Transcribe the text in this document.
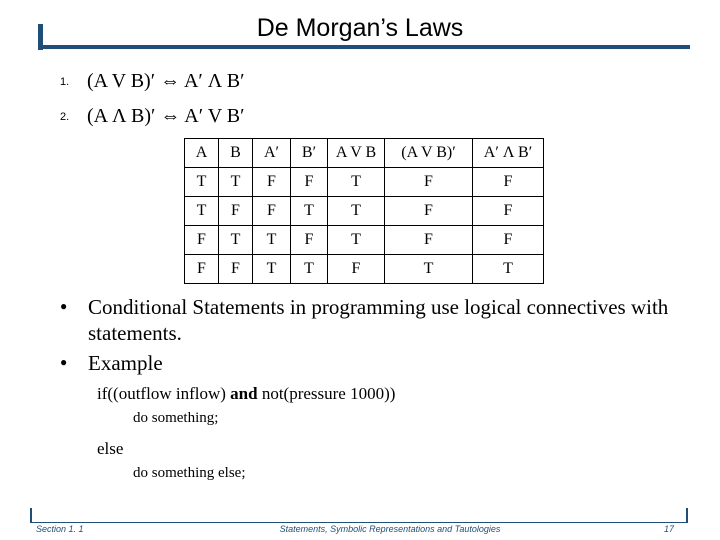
De Morgan’s Laws
1. (A V B)′ ⇔ A′ Λ B′
2. (A Λ B)′ ⇔ A′ V B′
A	B	A′	B′	A V B	(A V B)′	A′ Λ B′
T	T	F	F	T	F	F
T	F	F	T	T	F	F
F	T	T	F	T	F	F
F	F	T	T	F	T	T
● Conditional Statements in programming use logical connectives with statements.
● Example
if((outflow inflow) and not(pressure 1000))
do something;
else
do something else;
Section 1. 1	Statements, Symbolic Representations and Tautologies	17
